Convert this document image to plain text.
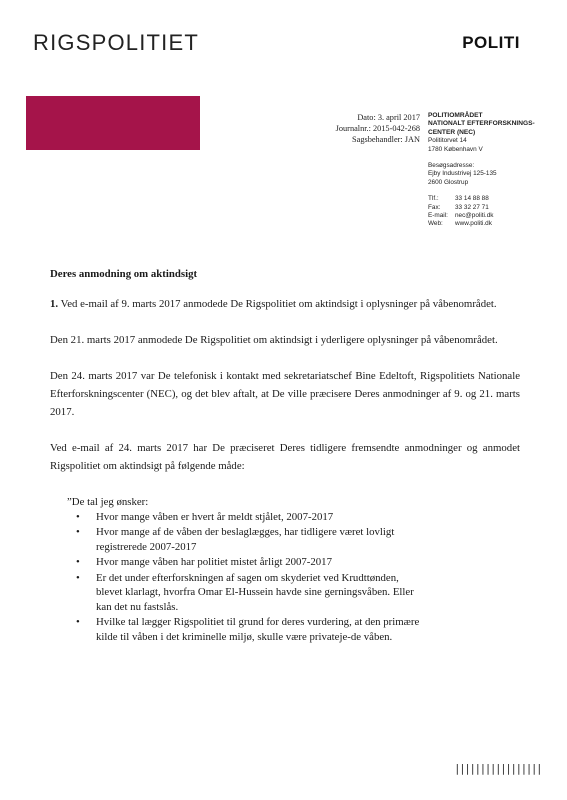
RIGSPOLITIET	POLITI
Dato: 3. april 2017
Journalnr.: 2015-042-268
Sagsbehandler: JAN
POLITIOMRÅDET
NATIONALT EFTERFORSKNINGS-
CENTER (NEC)
Polititorvet 14
1780 København V
Besøgsadresse:
Ejby Industrivej 125-135
2600 Glostrup
Tlf.:	33 14 88 88
Fax:	33 32 27 71
E-mail:	nec@politi.dk
Web:	www.politi.dk
Deres anmodning om aktindsigt
1. Ved e-mail af 9. marts 2017 anmodede De Rigspolitiet om aktindsigt i oplysninger på våbenområdet.
Den 21. marts 2017 anmodede De Rigspolitiet om aktindsigt i yderligere oplysninger på våbenområdet.
Den 24. marts 2017 var De telefonisk i kontakt med sekretariatschef Bine Edeltoft, Rigspolitiets Nationale Efterforskningscenter (NEC), og det blev aftalt, at De ville præcisere Deres anmodninger af 9. og 21. marts 2017.
Ved e-mail af 24. marts 2017 har De præciseret Deres tidligere fremsendte anmodninger og anmodet Rigspolitiet om aktindsigt på følgende måde:
”De tal jeg ønsker:
• Hvor mange våben er hvert år meldt stjålet, 2007-2017
• Hvor mange af de våben der beslaglægges, har tidligere været lovligt registrerede 2007-2017
• Hvor mange våben har politiet mistet årligt 2007-2017
• Er det under efterforskningen af sagen om skyderiet ved Krudttønden, blevet klarlagt, hvorfra Omar El-Hussein havde sine gerningsvåben. Eller kan det nu fastslås.
• Hvilke tal lægger Rigspolitiet til grund for deres vurdering, at den primære kilde til våben i det kriminelle miljø, skulle være privateje-de våben.
|||||||||||||||||
